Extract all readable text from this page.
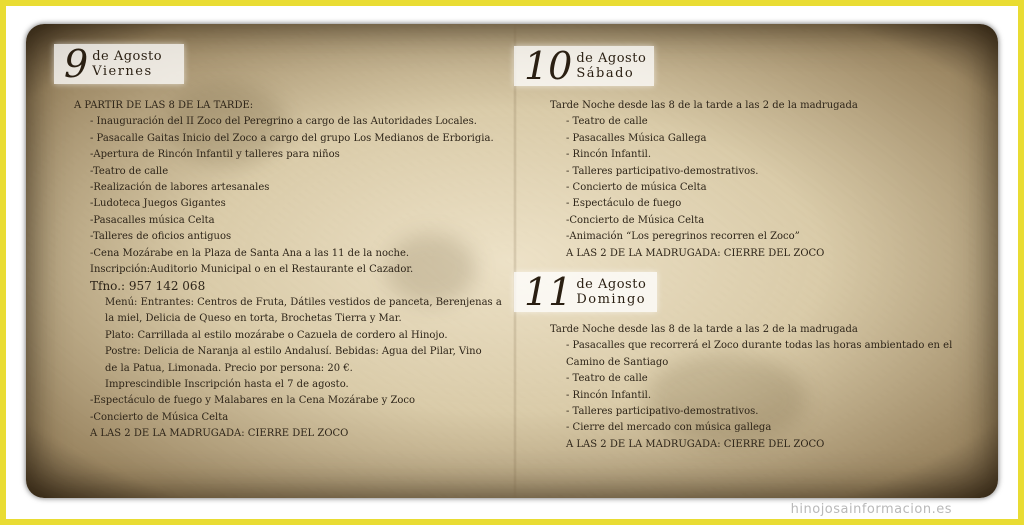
9 de Agosto
Viernes	10 de Agosto
Sábado
11 de Agosto
Domingo

A PARTIR DE LAS 8 DE LA TARDE:

- Inauguración del II Zoco del Peregrino a cargo de las Autoridades Locales.

- Pasacalle Gaitas Inicio del Zoco a cargo del grupo Los Medianos de Erborigia.

-Apertura de Rincón Infantil y talleres para niños

-Teatro de calle

-Realización de labores artesanales

-Ludoteca Juegos Gigantes

-Pasacalles música Celta

-Talleres de oficios antiguos

-Cena Mozárabe en la Plaza de Santa Ana a las 11 de la noche.

Inscripción:Auditorio Municipal o en el Restaurante el Cazador.

Tfno.: 957 142 068

Menú: Entrantes: Centros de Fruta, Dátiles vestidos de panceta, Berenjenas a

la miel, Delicia de Queso en torta, Brochetas Tierra y Mar.

Plato: Carrillada al estilo mozárabe o Cazuela de cordero al Hinojo.

Postre: Delicia de Naranja al estilo Andalusí. Bebidas: Agua del Pilar, Vino

de la Patua, Limonada. Precio por persona: 20 €.

Imprescindible Inscripción hasta el 7 de agosto.

-Espectáculo de fuego y Malabares en la Cena Mozárabe y Zoco

-Concierto de Música Celta

A LAS 2 DE LA MADRUGADA: CIERRE DEL ZOCO

Tarde Noche desde las 8 de la tarde a las 2 de la madrugada

- Teatro de calle

- Pasacalles Música Gallega

- Rincón Infantil.

- Talleres participativo-demostrativos.

- Concierto de música Celta

- Espectáculo de fuego

-Concierto de Música Celta

-Animación “Los peregrinos recorren el Zoco”

A LAS 2 DE LA MADRUGADA: CIERRE DEL ZOCO

Tarde Noche desde las 8 de la tarde a las 2 de la madrugada

- Pasacalles que recorrerá el Zoco durante todas las horas ambientado en el

Camino de Santiago

- Teatro de calle

- Rincón Infantil.

- Talleres participativo-demostrativos.

- Cierre del mercado con música gallega

A LAS 2 DE LA MADRUGADA: CIERRE DEL ZOCO

hinojosainformacion.es
